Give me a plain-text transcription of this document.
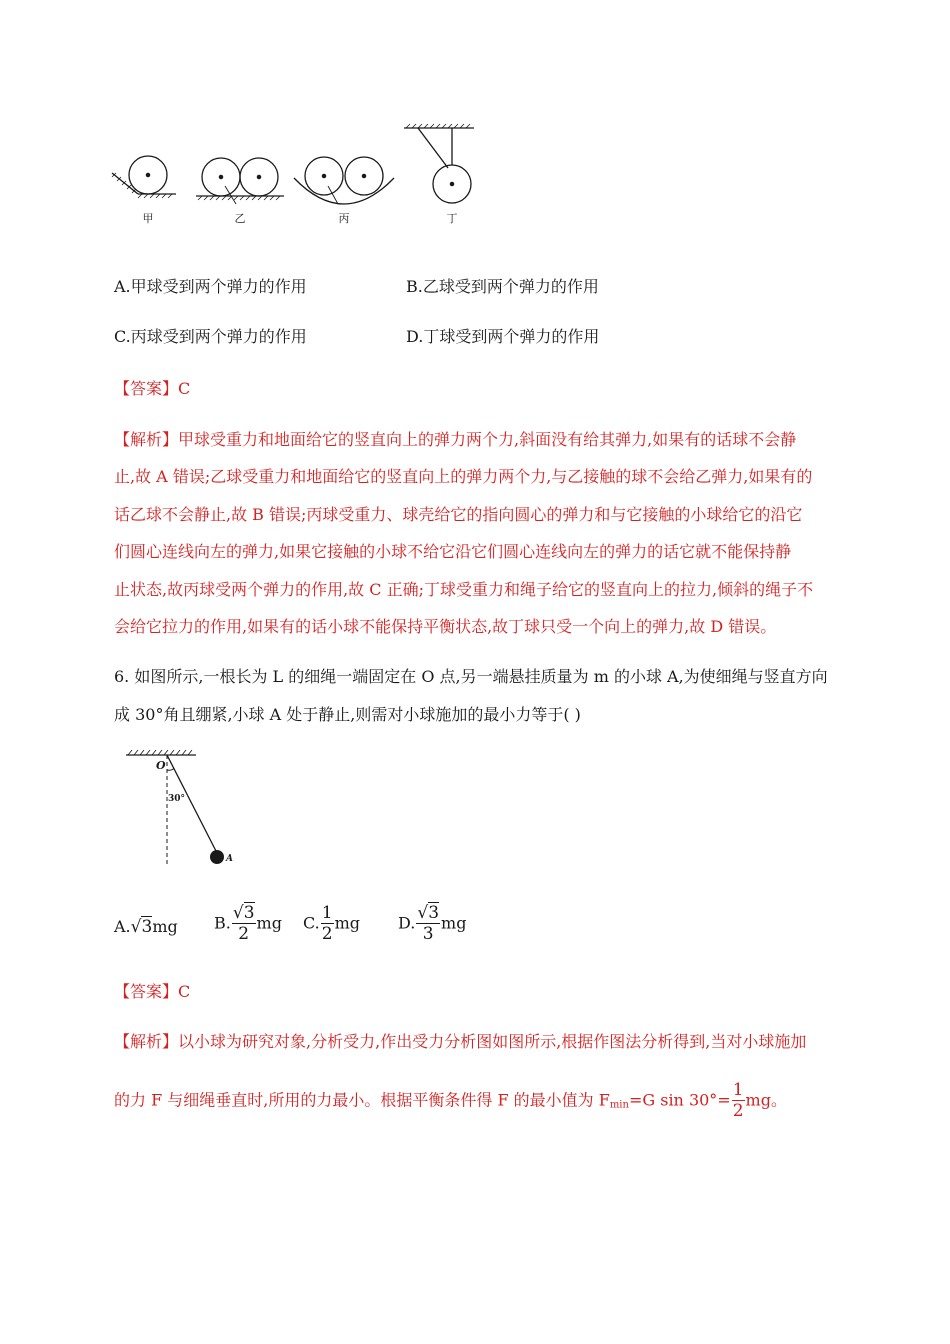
甲	乙	丙	丁
A.甲球受到两个弹力的作用	B.乙球受到两个弹力的作用
C.丙球受到两个弹力的作用	D.丁球受到两个弹力的作用
【答案】C
【解析】甲球受重力和地面给它的竖直向上的弹力两个力,斜面没有给其弹力,如果有的话球不会静
止,故 A 错误;乙球受重力和地面给它的竖直向上的弹力两个力,与乙接触的球不会给乙弹力,如果有的
话乙球不会静止,故 B 错误;丙球受重力、球壳给它的指向圆心的弹力和与它接触的小球给它的沿它
们圆心连线向左的弹力,如果它接触的小球不给它沿它们圆心连线向左的弹力的话它就不能保持静
止状态,故丙球受两个弹力的作用,故 C 正确;丁球受重力和绳子给它的竖直向上的拉力,倾斜的绳子不
会给它拉力的作用,如果有的话小球不能保持平衡状态,故丁球只受一个向上的弹力,故 D 错误。
6. 如图所示,一根长为 L 的细绳一端固定在 O 点,另一端悬挂质量为 m 的小球 A,为使细绳与竖直方向
成 30°角且绷紧,小球 A 处于静止,则需对小球施加的最小力等于( )
O
30°
A
A.√3mg B. $\frac{√3}{2}$ mg C. $\frac{1}{2}$ mg D. $\frac{√3}{3}$ mg
【答案】C
【解析】以小球为研究对象,分析受力,作出受力分析图如图所示,根据作图法分析得到,当对小球施加
的力 F 与细绳垂直时,所用的力最小。根据平衡条件得 F 的最小值为 $F_{min}=G$ $\sin 30^\circ= \frac{1}{2}$ mg。
